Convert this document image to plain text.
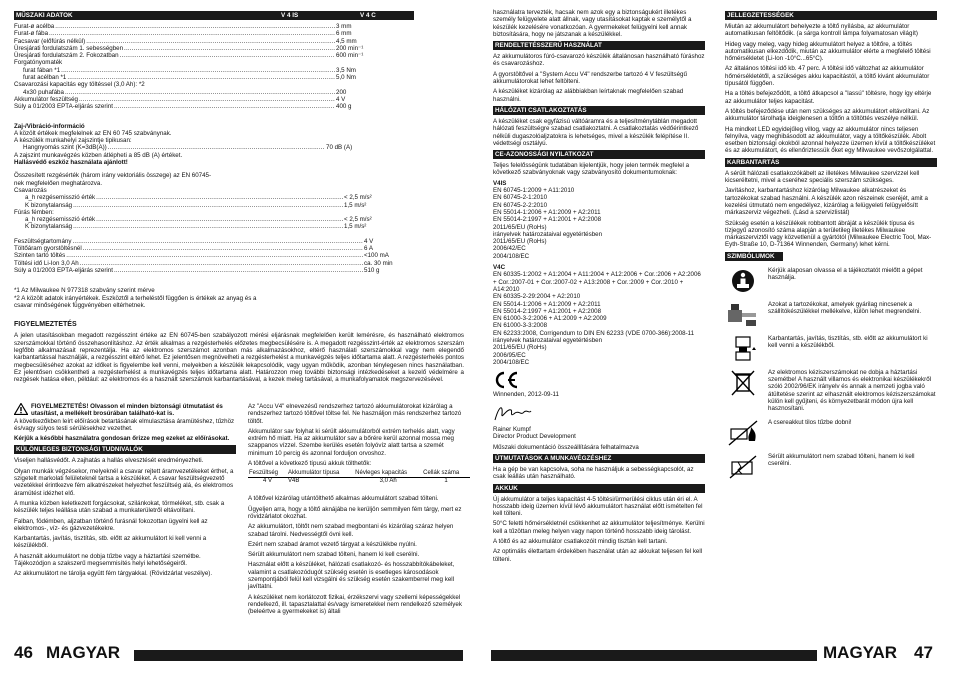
MŰSZAKI ADATOK	V 4 IS	V 4 C
Furat-ø acélba .....	3 mm
Furat-ø fába .....	6 mm
Facsavar (előfúrás nélkül) .....	4,5 mm
Üresjárati fordulatszám 1. sebességben .....	200 min⁻¹
Üresjárati fordulatszám 2. Fokozatban .....	600 min⁻¹
Forgatónyomaték
furat fában *1 .....	3,5 Nm
furat acélban *1 .....	5,0 Nm
Csavarozási kapacitás egy töltéssel (3,0 Ah): *2
4x30 puhafába .....	200
Akkumulátor feszültség .....	4 V
Súly a 01/2003 EPTA-eljárás szerint .....	400 g
Zaj-/Vibráció-információ
A közölt értékek megfelelnek az EN 60 745 szabványnak.
A készülék munkahelyi zajszintje tipikusan:
Hangnyomás szint (K=3dB(A)) .....	70 dB (A)
A zajszint munkavégzés közben átlépheti a 85 dB (A) értéket.
Hallásvédő eszköz használata ajánlott!
Összesített rezgésérték (három irány vektoriális összege) az EN 60745-nek megfelelően meghatározva.
Csavarozás
a_h rezgésemisszió érték .....	< 2,5 m/s²
K bizonytalanság .....	1,5 m/s²
Fúrás fémben:
a_h rezgésemisszió érték .....	< 2,5 m/s²
K bizonytalanság .....	1,5 m/s²
Feszültségtartomány .....	4 V
Töltőáram gyorstöltésnél .....	6 A
Szinten tartó töltés .....	<100 mA
Töltési idő Li-Ion 3,0 Ah .....	ca. 30 min
Súly a 01/2003 EPTA-eljárás szerint .....	510 g
*1 Az Milwaukee N 977318 szabvány szerint mérve
*2 A közölt adatok irányértékek. Eszköztől a terheléstől függően is értékek az anyag és a csavar minőségének függvényében eltérhetnek.
FIGYELMEZTETÉS
A jelen utasításokban megadott rezgésszint értéke az EN 60745-ben szabályozott mérési eljárásnak megfelelően került lemérésre, és használható elektromos szerszámokkal történő összehasonlításhoz. Az érték alkalmas a rezgésterhelés előzetes megbecsülésére is. A megadott rezgésszint-érték az elektromos szerszám legfőbb alkalmazásait reprezentálja. Ha az elektromos szerszámot azonban más alkalmazásokhoz, eltérő használati szerszámokkal vagy nem elegendő karbantartással használják, a rezgésszint eltérő lehet. Ez jelentősen megnövelheti a rezgésterhelést a munkavégzés teljes időtartama alatt. A rezgésterhelés pontos megbecsüléséhez azokat az időket is figyelembe kell venni, melyekben a készülék lekapcsolódik, vagy ugyan működik, azonban ténylegesen nincs használatban. Ez jelentősen csökkentheti a rezgésterhelést a munkavégzés teljes időtartama alatt. Határozzon meg további biztonsági intézkedéseket a kezelő védelmére a rezgések hatása ellen, például: az elektromos és a használt szerszámok karbantartásával, a kezek meleg tartásával, a munkafolyamatok megszervezésével.
FIGYELMEZTETÉS! Olvasson el minden biztonsági útmutatást és utasítást, a mellékelt brosúrában található-kat is.
A következőkben leírt előírások betartásának elmulasztása áramütéshez, tűzhöz és/vagy súlyos testi sérülésekhez vezethet.
Kérjük a későbbi használatra gondosan őrizze meg ezeket az előírásokat.
KÜLÖNLEGES BIZTONSÁGI TUDNIVALÓK
Viseljen hallásvédőt. A zajhatás a hallás elvesztését eredményezheti.
Olyan munkák végzésekor, melyeknél a csavar rejtett áramvezetékeket érthet, a szigetelt markolati felületeknél tartsa a készüléket. A csavar feszültségvezető vezetékkel érintkezve fém alkatrészeket helyezhet feszültség alá, és elektromos áramütést idézhet elő.
A munka közben keletkezett forgácsokat, szilánkokat, törmeléket, stb. csak a készülék teljes leállása után szabad a munkaterületről eltávolítani.
Falban, födémben, aljzatban történő furásnál fokozottan ügyelni kell az elektromos-, víz- és gázvezetékekre.
Karbantartás, javítás, tisztítás, stb. előtt az akkumulátort ki kell venni a készülékből.
A használt akkumulátort ne dobja tűzbe vagy a háztartási szemétbe. Tájékozódjon a szakszerű megsemmisítés helyi lehetőségeiről.
Az akkumulátort ne tárolja együtt fém tárgyakkal. (Rövidzárlat veszélye).
Az "Accu V4" elnevezésű rendszerhez tartozó akkumulátorokat kizárólag a rendszerhez tartozó töltővel töltse fel. Ne használjon más rendszerhez tartozó töltőt.
Akkumulátor sav folyhat ki sérült akkumulátorból extrém terhelés alatt, vagy extrém hő miatt. Ha az akkumulátor sav a bőrére kerül azonnal mossa meg szappanos vízzel. Szembe kerülés esetén folyóvíz alatt tartsa a szemét minimum 10 percig és azonnal forduljon orvoshoz.
A töltővel a következő típusú akkuk tölthetők:
Feszültség	Akkumulátor típusa	Névleges kapacitás	Cellák száma
4 V	V4B	3,0 Ah	1
A töltővel kizárólag utántölthető alkalmas akkumulátort szabad tölteni.
Ügyeljen arra, hogy a töltő aknájába ne kerüljön semmilyen fém tárgy, mert ez rövidzárlatot okozhat.
Az akkumulátort, töltőt nem szabad megbontani és kizárólag száraz helyen szabad tárolni. Nedvességtől óvni kell.
Ezért nem szabad áramot vezető tárgyat a készülékbe nyúlni.
Sérült akkumulátort nem szabad tölteni, hanem ki kell cserélni.
Használat előtt a készüléket, hálózati csatlakozó- és hosszabbítókábeleket, valamint a csatlakozódugót szükség esetén is esetleges károsodások szempontjából felül kell vizsgálni és szükség esetén szakemberrel meg kell javíttatni.
A készüléket nem korlátozott fizikai, érzékszervi vagy szellemi képességekkel rendelkező, ill. tapasztalattal és/vagy ismeretekkel nem rendelkező személyek (beleértve a gyermekeket is) általi
46 MAGYAR
használatra tervezték, hacsak nem azok egy a biztonságukért illetékes személy felügyelete alatt állnak, vagy utasításokat kaptak e személytől a készülék kezelésére vonatkozóan. A gyermekeket felügyelni kell annak biztosítására, hogy ne játszanak a készülékkel.
RENDELTETÉSSZERŰ HASZNÁLAT
Az akkumulátoros fúró-csavarozó készülék általánosan használható fúráshoz és csavarozáshoz.
A gyorstöltővel a "System Accu V4" rendszerbe tartozó 4 V feszültségű akkumulátorokat lehet feltölteni.
A készüléket kizárólag az alábbiakban leírtaknak megfelelően szabad használni.
HÁLÓZATI CSATLAKOZTATÁS
A készüléket csak egyfázisú váltóáramra és a teljesítménytáblán megadott hálózati feszültségre szabad csatlakoztatni. A csatlakoztatás védőérintkező nélküli dugaszolóaljzatokra is lehetséges, mivel a készülék felépítése II. védettségi osztályú.
CE-AZONOSSÁGI NYILATKOZAT
Teljes felelősségünk tudatában kijelentjük, hogy jelen termék megfelel a következő szabványoknak vagy szabványosító dokumentumoknak:
V4IS
EN 60745-1:2009 + A11:2010
EN 60745-2-1:2010
EN 60745-2-2:2010
EN 55014-1:2006 + A1:2009 + A2:2011
EN 55014-2:1997 + A1:2001 + A2:2008
2011/65/EU (RoHs)
irányelvek határozataival egyetértésben
2011/65/EU (RoHs)
2006/42/EC
2004/108/EC
V4C
EN 60335-1:2002 + A1:2004 + A11:2004 + A12:2006 + Cor.:2006 + A2:2006 + Cor.:2007-01 + Cor.:2007-02 + A13:2008 + Cor.:2009 + Cor.:2010 + A14:2010
EN 60335-2-29:2004 + A2:2010
EN 55014-1:2006 + A1:2009 + A2:2011
EN 55014-2:1997 + A1:2001 + A2:2008
EN 61000-3-2:2006 + A1:2009 + A2:2009
EN 61000-3-3:2008
EN 62233:2008, Corrigendum to DIN EN 62233 (VDE 0700-366):2008-11
irányelvek határozataival egyetértésben
2011/65/EU (RoHs)
2006/95/EC
2004/108/EC
Winnenden, 2012-09-11
Rainer Kumpf
Director Product Development
Műszaki dokumentáció összeállítására felhatalmazva
ÚTMUTATÁSOK A MUNKAVÉGZÉSHEZ
Ha a gép be van kapcsolva, soha ne használjuk a sebességkapcsolót, az csak leállás után használható.
AKKUK
Új akkumulátor a teljes kapacitást 4-5 töltési/ürmerülési ciklus után éri el. A hosszabb ideig üzemen kívül lévő akkumulátort használat előtt ismételten fel kell tölteni.
50°C feletti hőmérsékletnél csökkenhet az akkumulátor teljesítménye. Kerülni kell a tűzöttan meleg helyen vagy napon történő hosszabb ideig tárolást.
A töltő és az akkumulátor csatlakozóit mindig tisztán kell tartani.
Az optimális élettartam érdekében használat után az akkukat teljesen fel kell tölteni.
JELLEGZETESSÉGEK
Miután az akkumulátort behelyezte a töltő nyílásba, az akkumulátor automatikusan feltöltődik. (a sárga kontroll lámpa folyamatosan világít)
Hideg vagy meleg, vagy hideg akkumulátort helyez a töltőre, a töltés automatikusan elkezdődik, miután az akkumulátor elérte a megfelelő töltési hőmérsékletet (Li-Ion -10°C...65°C).
Az általános töltési idő kb. 47 perc. A töltési idő változhat az akkumulátor hőmérsékletétől, a szükséges akku kapacitástól, a töltő kivánt akkumulátor típusától függően.
Ha a töltés befejeződött, a töltő átkapcsol a "lassú" töltésre, hogy így eltérje az akkumulátor teljes kapacitást.
A töltés befejeződése után nem szükséges az akkumulátort eltávolítani. Az akkumulátor tárolhatja ideiglenesen a töltőn a töltöttés veszélye nélkül.
Ha mindket LED egyidejűleg villog, vagy az akkumulátor nincs teljesen felnyílva, vagy meghibásodott az akkumulátor, vagy a töltőkészülék. Abolt esetben biztonsági okokból azonnal helyezze üzemen kívül a töltőkészüléket és az akkumulátort, és ellenőriztessük őket egy Milwaukee vevőszolgálattal.
KARBANTARTÁS
A sérült hálózati csatlakozókábelt az illetékes Milwaukee szervizzel kell kicseréltetni, mivel a cseréhez speciális szerszám szükséges.
Javításhoz, karbantartáshoz kizárólag Milwaukee alkatrészeket és tartozékokat szabad használni. A készülék azon részeinek cseréjét, amit a kezelési útmutató nem engedélyez, kizárólag a felügyeleti felügyelősítt márkaszerviz végezheti. (Lásd a szervizlistát)
Szükség esetén a készülékek robbantott ábráját a készülék típusa és tízjegyű azonosító száma alapján a területileg illetékes Milwaukee márkaszerviztől vagy közvetlenül a gyártótól (Milwaukee Electric Tool, Max-Eyth-Straße 10, D-71364 Winnenden, Germany) lehet kérni.
SZIMBÓLUMOK
Kérjük alaposan olvassa el a tájékoztatót mielőtt a gépet használja.
Azokat a tartozékokat, amelyek gyárilag nincsenek a szállítókészülékkel mellékelve, külön lehet megrendelni.
Karbantartás, javítás, tisztítás, stb. előtt az akkumulátort ki kell venni a készülékből.
Az elektromos kéziszerszámokat ne dobja a háztartási szemétbe! A használt villamos és elektronikai készülékekről szóló 2002/96/EK irányelv és annak a nemzeti jogba való átültetése szerint az elhasznált elektromos kéziszerszámokat külön kell gyűjteni, és környezetbarát módon újra kell hasznosítani.
A csereakkut tilos tűzbe dobni!
Sérült akkumulátort nem szabad tölteni, hanem ki kell cserélni.
MAGYAR 47
